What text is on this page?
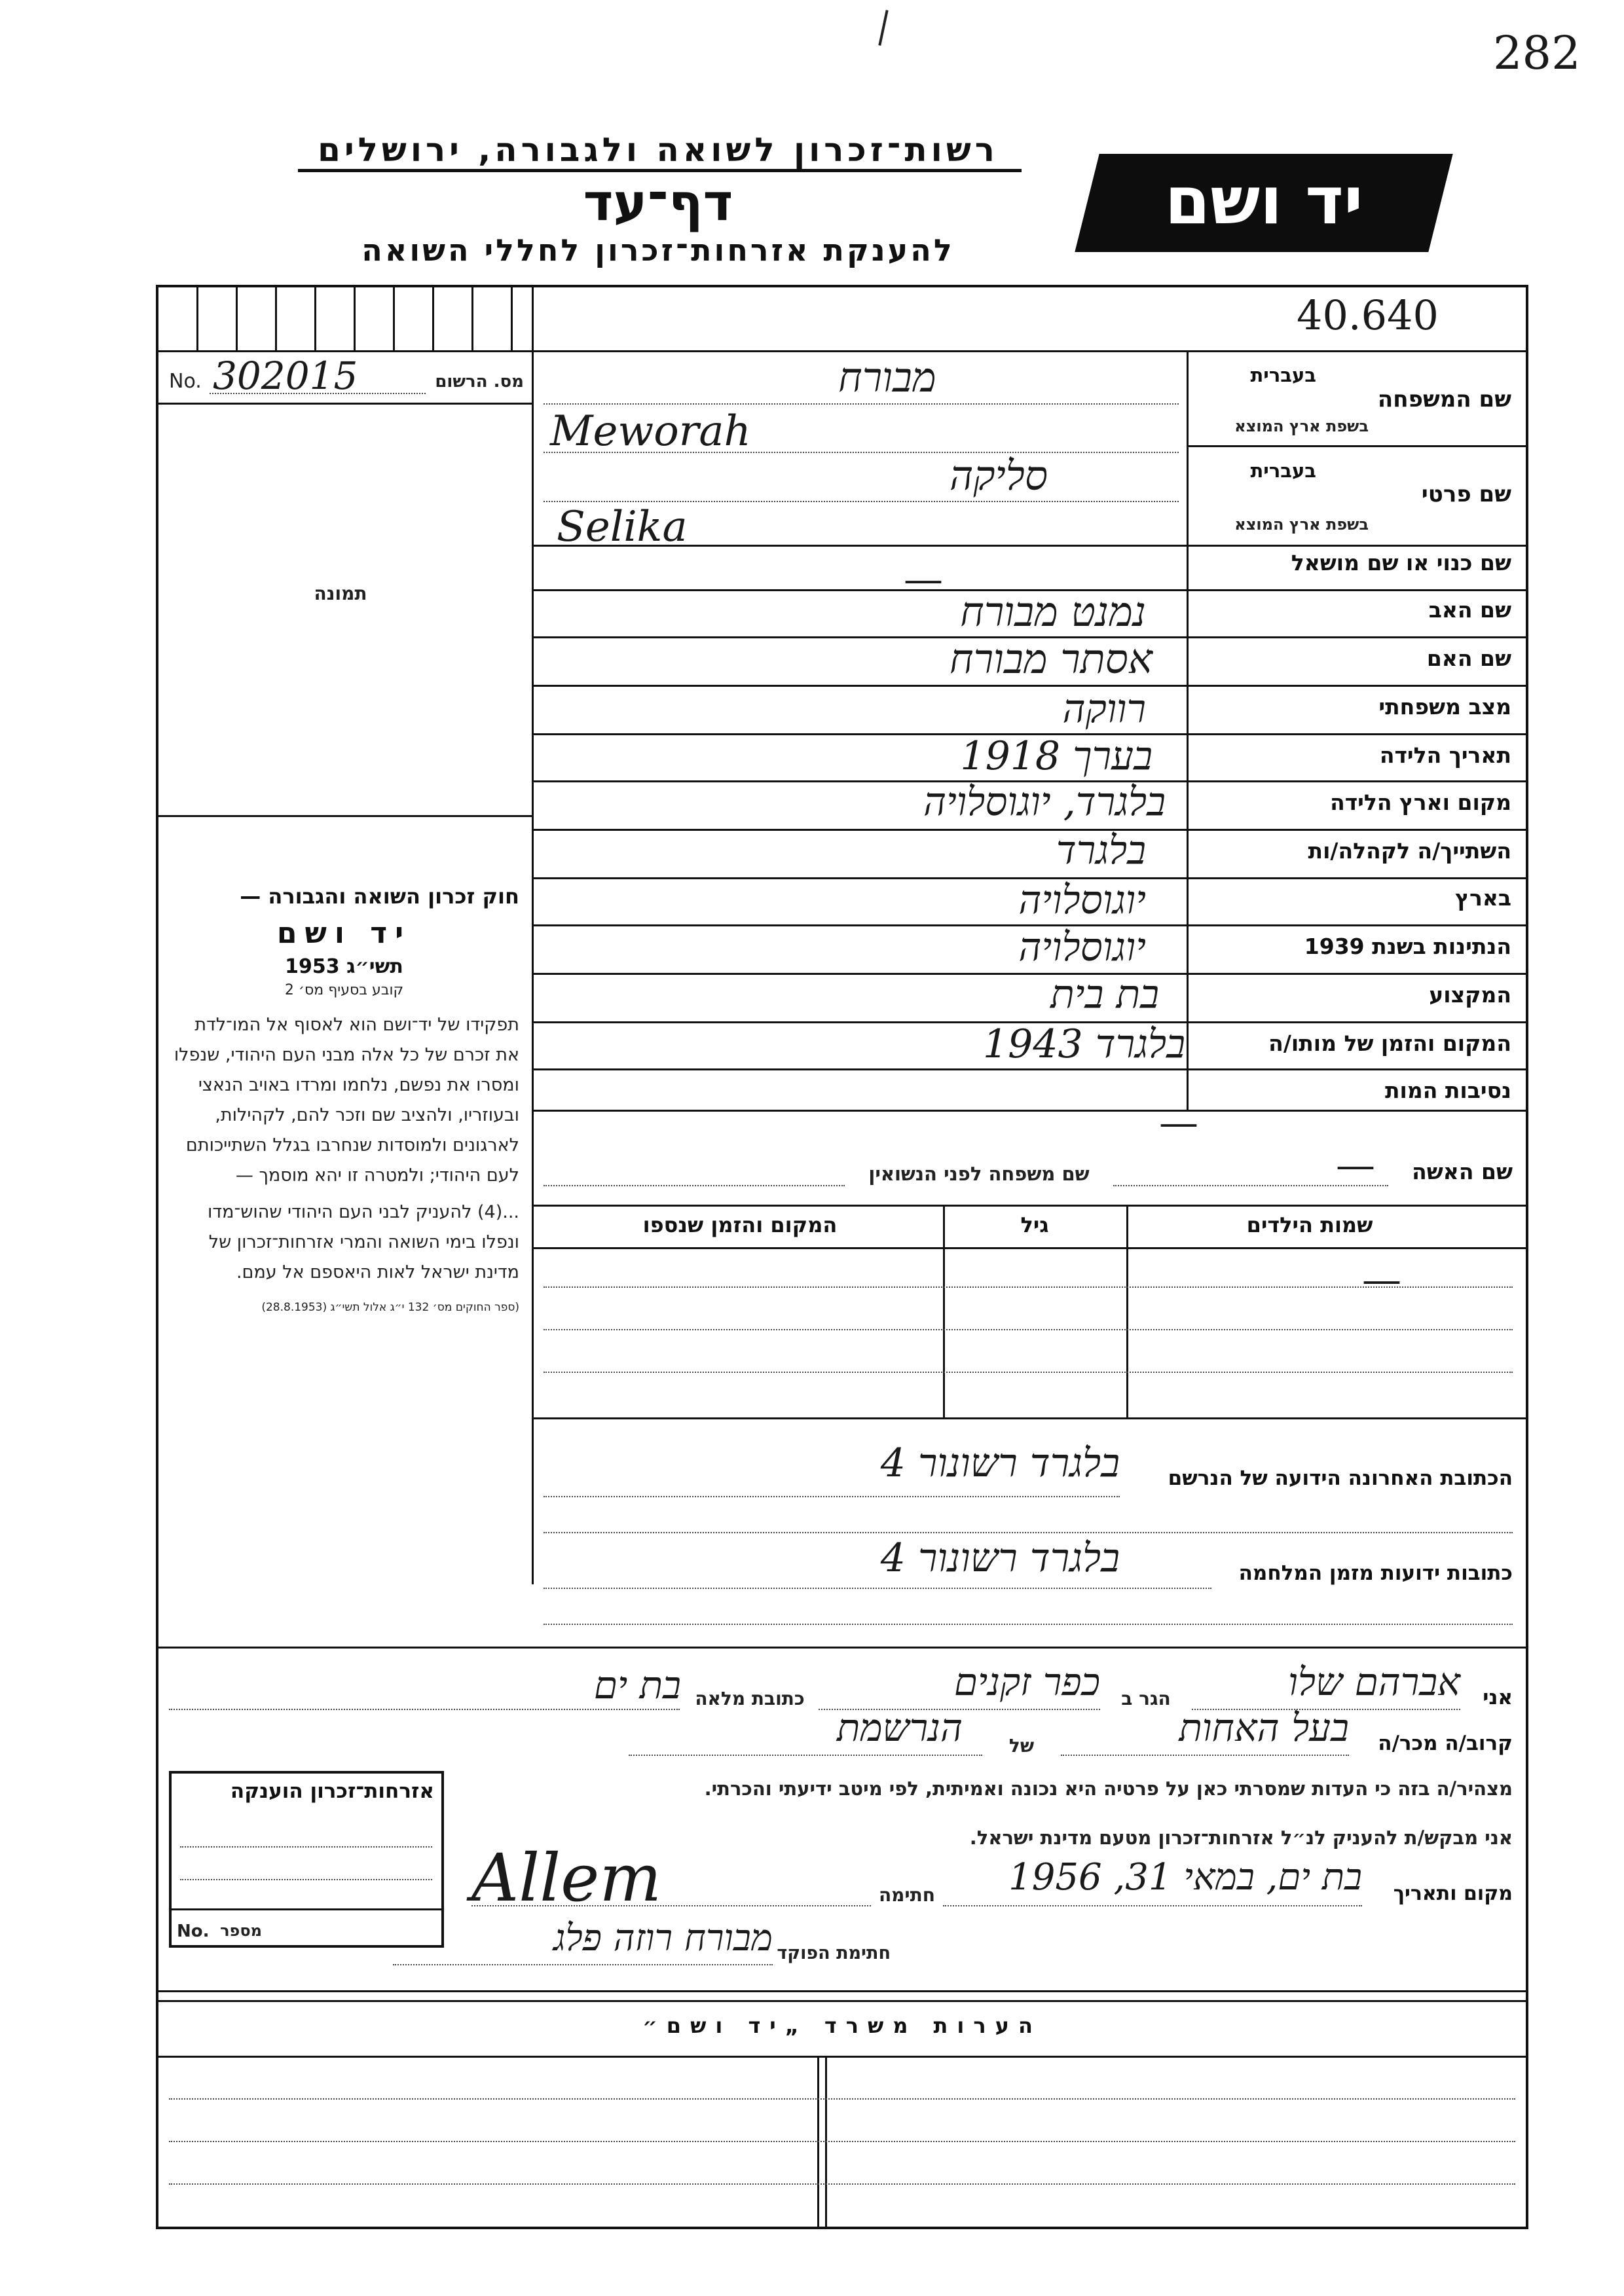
282
רשות־זכרון לשואה ולגבורה, ירושלים
דף־עד
להענקת אזרחות־זכרון לחללי השואה
יד ושם
40.640
No. 302015	מס. הרשום
תמונה
שם המשפחה
בעברית
בשפת ארץ המוצא
מבורח
Meworah
שם פרטי
בעברית
בשפת ארץ המוצא
סליקה
Selika
שם כנוי או שם מושאל
—
שם האב
נמנט מבורח
שם האם
אסתר מבורח
מצב משפחתי
רווקה
תאריך הלידה
בערך 1918
מקום וארץ הלידה
בלגרד, יוגוסלויה
השתייך/ה לקהלה/ות
בלגרד
בארץ
יוגוסלויה
הנתינות בשנת 1939
יוגוסלויה
המקצוע
בת בית
המקום והזמן של מותו/ה
בלגרד 1943
נסיבות המות
—
שם האשה
—
שם משפחה לפני הנשואין
שמות הילדים
גיל
המקום והזמן שנספו
—

חוק זכרון השואה והגבורה —

יד ושם

תשי״ג 1953

קובע בסעיף מס׳ 2

תפקידו של יד־ושם הוא לאסוף אל המו־לדת את זכרם של כל אלה מבני העם היהודי, שנפלו ומסרו את נפשם, נלחמו ומרדו באויב הנאצי ובעוזריו, ולהציב שם וזכר להם, לקהילות, לארגונים ולמוסדות שנחרבו בגלל השתייכותם לעם היהודי; ולמטרה זו יהא מוסמך —

...(4) להעניק לבני העם היהודי שהוש־מדו ונפלו בימי השואה והמרי אזרחות־זכרון של מדינת ישראל לאות היאספם אל עמם.

(ספר החוקים מס׳ 132 י״ג אלול תשי״ג (28.8.1953)

הכתובת האחרונה הידועה של הנרשם
בלגרד רשונור 4
כתובות ידועות מזמן המלחמה
בלגרד רשונור 4
אני
אברהם שלו
הגר ב
כפר זקנים
כתובת מלאה
בת ים
קרוב/ה מכר/ה
בעל האחות
של
הנרשמת
מצהיר/ה בזה כי העדות שמסרתי כאן על פרטיה היא נכונה ואמיתית, לפי מיטב ידיעתי והכרתי.
אני מבקש/ת להעניק לנ״ל אזרחות־זכרון מטעם מדינת ישראל.
מקום ותאריך
בת ים, במאי 31, 1956
חתימה
Allem
חתימת הפוקד
מבורח רוזה פלג
אזרחות־זכרון הוענקה
No. מספר
הערות משרד „יד ושם״
